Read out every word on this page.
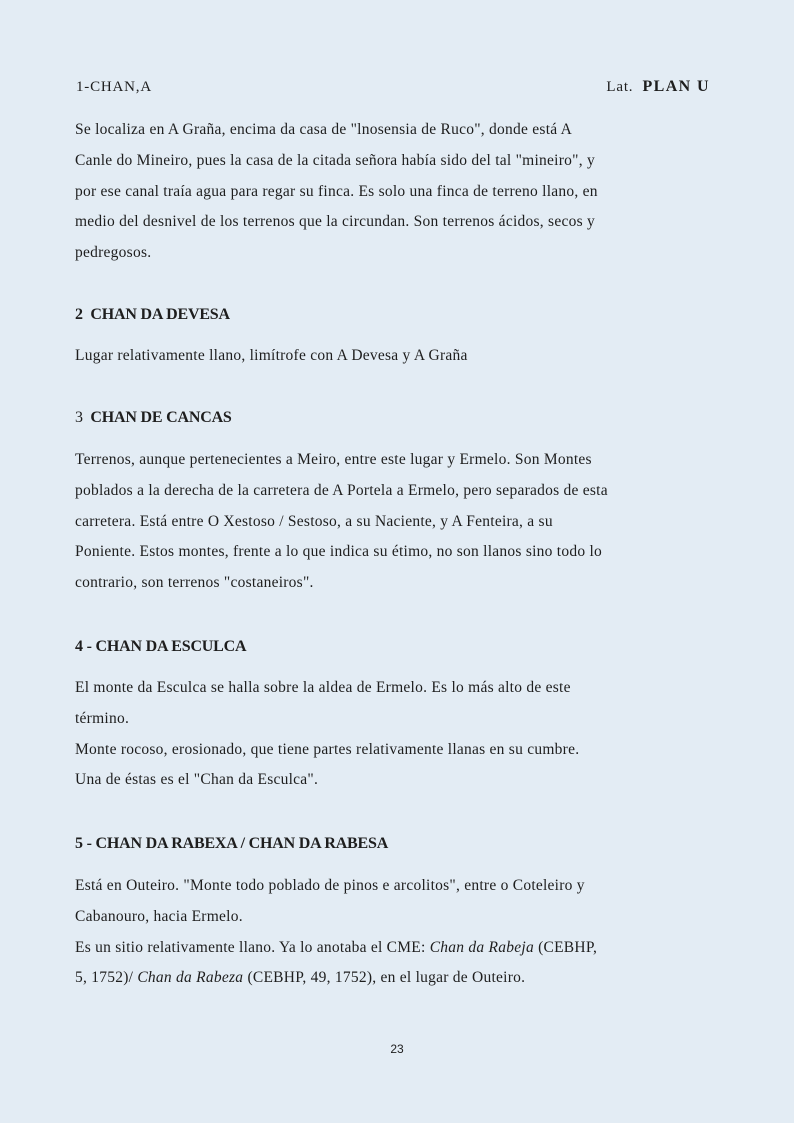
1-CHAN,A	Lat. PLAN U

Se localiza en A Graña, encima da casa de "lnosensia de Ruco", donde está A
Canle do Mineiro, pues la casa de la citada señora había sido del tal "mineiro", y
por ese canal traía agua para regar su finca. Es solo una finca de terreno llano, en
medio del desnivel de los terrenos que la circundan. Son terrenos ácidos, secos y
pedregosos.

2 CHAN DA DEVESA

Lugar relativamente llano, limítrofe con A Devesa y A Graña

3 CHAN DE CANCAS

Terrenos, aunque pertenecientes a Meiro, entre este lugar y Ermelo. Son Montes
poblados a la derecha de la carretera de A Portela a Ermelo, pero separados de esta
carretera. Está entre O Xestoso / Sestoso, a su Naciente, y A Fenteira, a su
Poniente. Estos montes, frente a lo que indica su étimo, no son llanos sino todo lo
contrario, son terrenos "costaneiros".

4 - CHAN DA ESCULCA

El monte da Esculca se halla sobre la aldea de Ermelo. Es lo más alto de este
término.
Monte rocoso, erosionado, que tiene partes relativamente llanas en su cumbre.
Una de éstas es el "Chan da Esculca".

5 - CHAN DA RABEXA / CHAN DA RABESA

Está en Outeiro. "Monte todo poblado de pinos e arcolitos", entre o Coteleiro y
Cabanouro, hacia Ermelo.
Es un sitio relativamente llano. Ya lo anotaba el CME: Chan da Rabeja (CEBHP,
5, 1752)/ Chan da Rabeza (CEBHP, 49, 1752), en el lugar de Outeiro.

23
